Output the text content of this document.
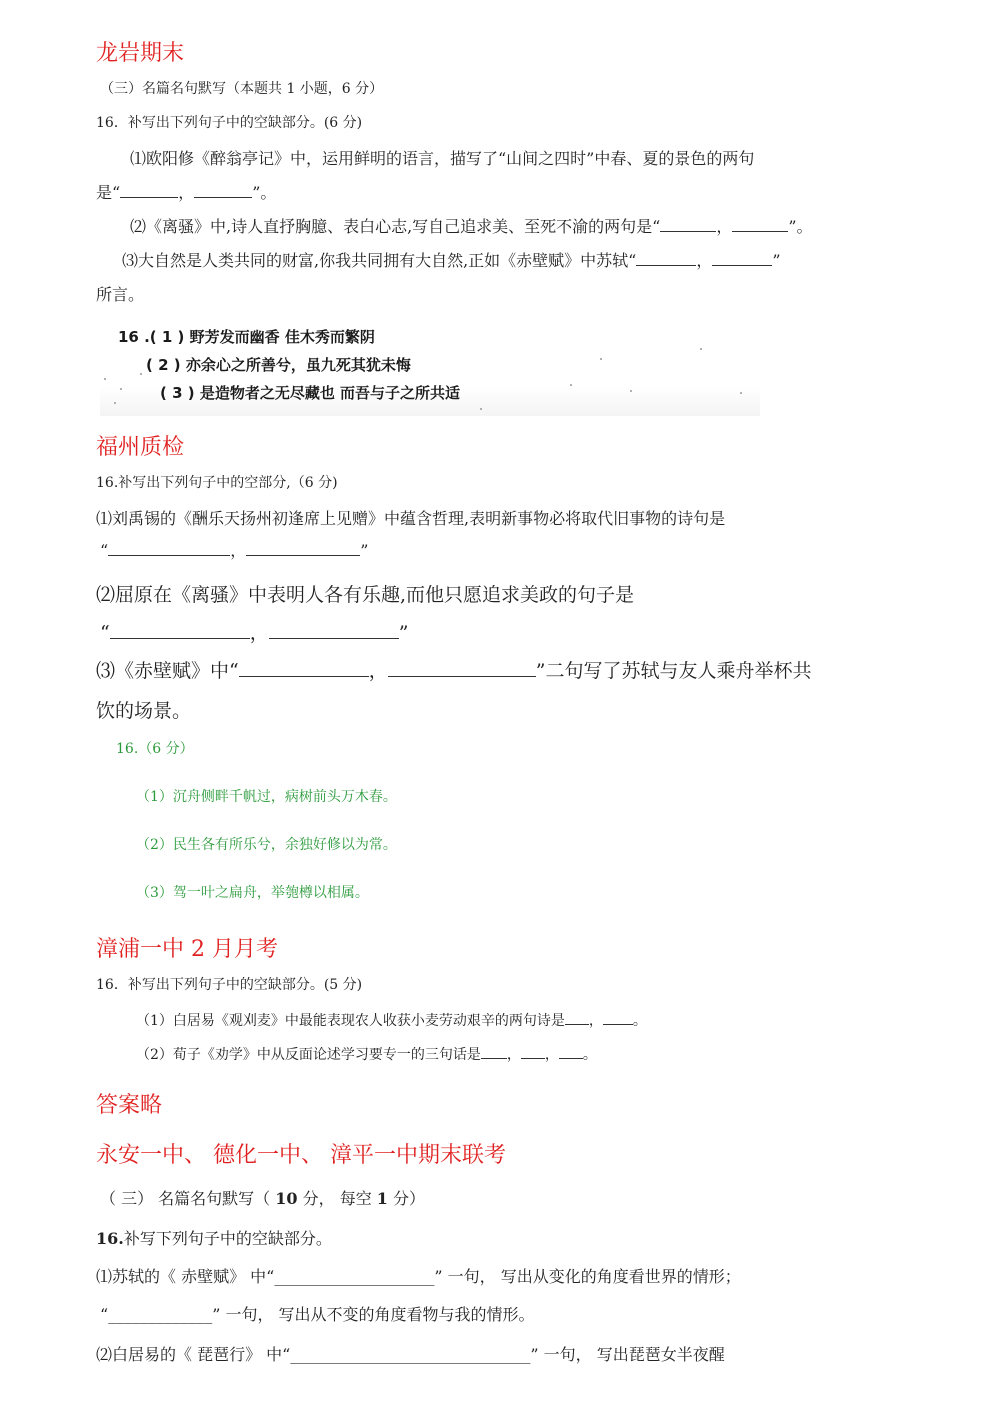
龙岩期末
（三）名篇名句默写（本题共 1 小题，6 分）
16．补写出下列句子中的空缺部分。(6 分)
⑴欧阳修《醉翁亭记》中，运用鲜明的语言，描写了“山间之四时”中春、夏的景色的两句
是“	，	”。
⑵《离骚》中,诗人直抒胸臆、表白心志,写自己追求美、至死不渝的两句是“	，	”。
⑶大自然是人类共同的财富,你我共同拥有大自然,正如《赤壁赋》中苏轼“	，	”
所言。
16 .( 1 ) 野芳发而幽香 佳木秀而繁阴
( 2 ) 亦余心之所善兮，虽九死其犹未悔
( 3 ) 是造物者之无尽藏也 而吾与子之所共适
福州质检
16.补写出下列句子中的空部分,（6 分)
⑴刘禹锡的《酬乐天扬州初逢席上见赠》中蕴含哲理,表明新事物必将取代旧事物的诗句是
“	，	”
⑵屈原在《离骚》中表明人各有乐趣,而他只愿追求美政的句子是
“	，	”
⑶《赤壁赋》中“	，	”二句写了苏轼与友人乘舟举杯共
饮的场景。
16.（6 分）
（1）沉舟侧畔千帆过，病树前头万木春。
（2）民生各有所乐兮，余独好修以为常。
（3）驾一叶之扁舟，举匏樽以相属。
漳浦一中 2 月月考
16．补写出下列句子中的空缺部分。(5 分)
（1）白居易《观刈麦》中最能表现农人收获小麦劳动艰辛的两句诗是 ， 。
（2）荀子《劝学》中从反面论述学习要专一的三句话是 ， ， 。
答案略
永安一中、 德化一中、 漳平一中期末联考
（ 三） 名篇名句默写（ 10 分， 每空 1 分）
16.补写下列句子中的空缺部分。
⑴苏轼的《 赤壁赋》 中“____________________” 一句， 写出从变化的角度看世界的情形；
“_____________” 一句， 写出从不变的角度看物与我的情形。
⑵白居易的《 琵琶行》 中“______________________________” 一句， 写出琵琶女半夜醒
